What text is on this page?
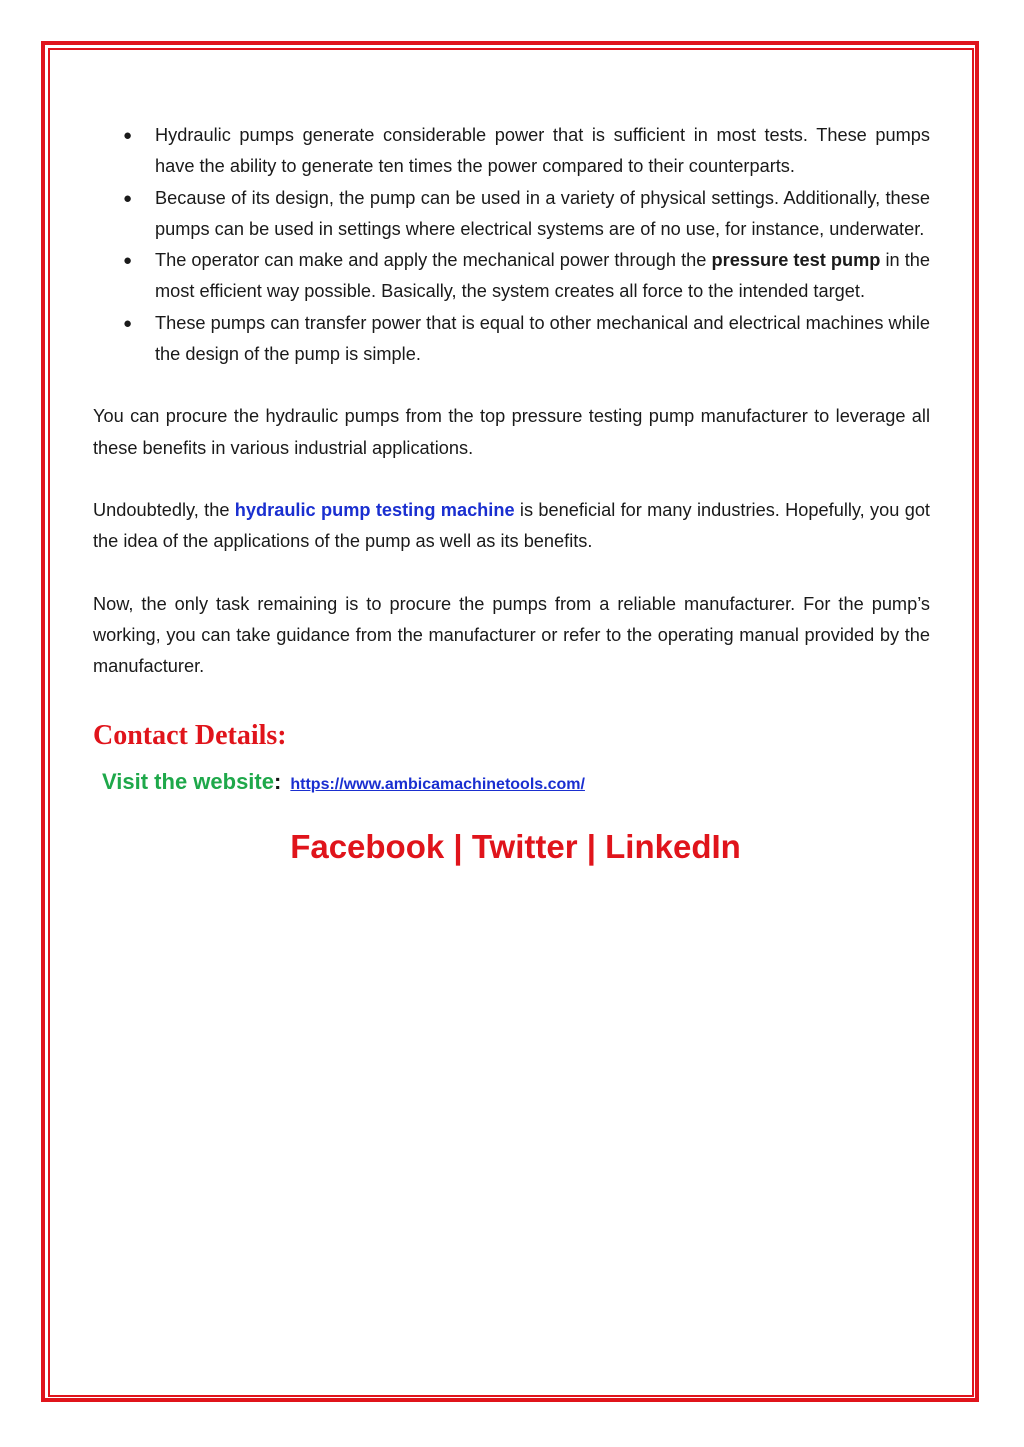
● Hydraulic pumps generate considerable power that is sufficient in most tests. These pumps have the ability to generate ten times the power compared to their counterparts.
● Because of its design, the pump can be used in a variety of physical settings. Additionally, these pumps can be used in settings where electrical systems are of no use, for instance, underwater.
● The operator can make and apply the mechanical power through the pressure test pump in the most efficient way possible. Basically, the system creates all force to the intended target.
● These pumps can transfer power that is equal to other mechanical and electrical machines while the design of the pump is simple.

You can procure the hydraulic pumps from the top pressure testing pump manufacturer to leverage all these benefits in various industrial applications.

Undoubtedly, the hydraulic pump testing machine is beneficial for many industries. Hopefully, you got the idea of the applications of the pump as well as its benefits.

Now, the only task remaining is to procure the pumps from a reliable manufacturer. For the pump’s working, you can take guidance from the manufacturer or refer to the operating manual provided by the manufacturer.

Contact Details:
Visit the website: https://www.ambicamachinetools.com/
Facebook | Twitter | LinkedIn
